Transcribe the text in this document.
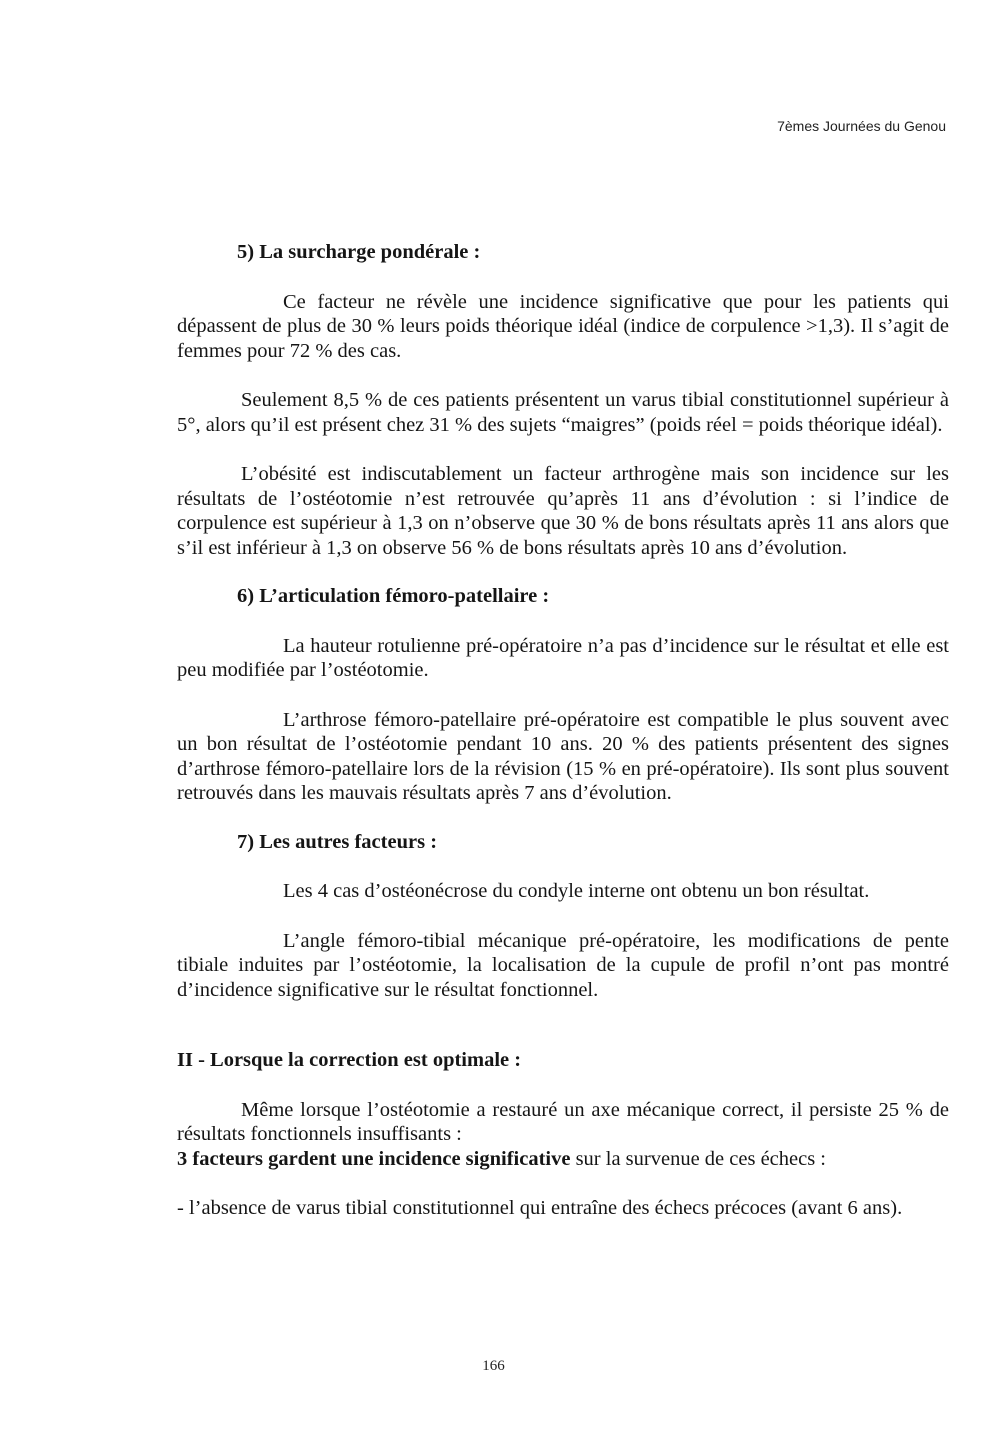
7èmes Journées du Genou
5) La surcharge pondérale :

Ce facteur ne révèle une incidence significative que pour les patients qui dépassent de plus de 30 % leurs poids théorique idéal (indice de corpulence >1,3). Il s’agit de femmes pour 72 % des cas.

Seulement 8,5 % de ces patients présentent un varus tibial constitutionnel supérieur à 5°, alors qu’il est présent chez 31 % des sujets “maigres” (poids réel = poids théorique idéal).

L’obésité est indiscutablement un facteur arthrogène mais son incidence sur les résultats de l’ostéotomie n’est retrouvée qu’après 11 ans d’évolution : si l’indice de corpulence est supérieur à 1,3 on n’observe que 30 % de bons résultats après 11 ans alors que s’il est inférieur à 1,3 on observe 56 % de bons résultats après 10 ans d’évolution.

6) L’articulation fémoro-patellaire :

La hauteur rotulienne pré-opératoire n’a pas d’incidence sur le résultat et elle est peu modifiée par l’ostéotomie.

L’arthrose fémoro-patellaire pré-opératoire est compatible le plus souvent avec un bon résultat de l’ostéotomie pendant 10 ans. 20 % des patients présentent des signes d’arthrose fémoro-patellaire lors de la révision (15 % en pré-opératoire). Ils sont plus souvent retrouvés dans les mauvais résultats après 7 ans d’évolution.

7) Les autres facteurs :

Les 4 cas d’ostéonécrose du condyle interne ont obtenu un bon résultat.

L’angle fémoro-tibial mécanique pré-opératoire, les modifications de pente tibiale induites par l’ostéotomie, la localisation de la cupule de profil n’ont pas montré d’incidence significative sur le résultat fonctionnel.

II - Lorsque la correction est optimale :

Même lorsque l’ostéotomie a restauré un axe mécanique correct, il persiste 25 % de résultats fonctionnels insuffisants :
3 facteurs gardent une incidence significative sur la survenue de ces échecs :

- l’absence de varus tibial constitutionnel qui entraîne des échecs précoces (avant 6 ans).

166
